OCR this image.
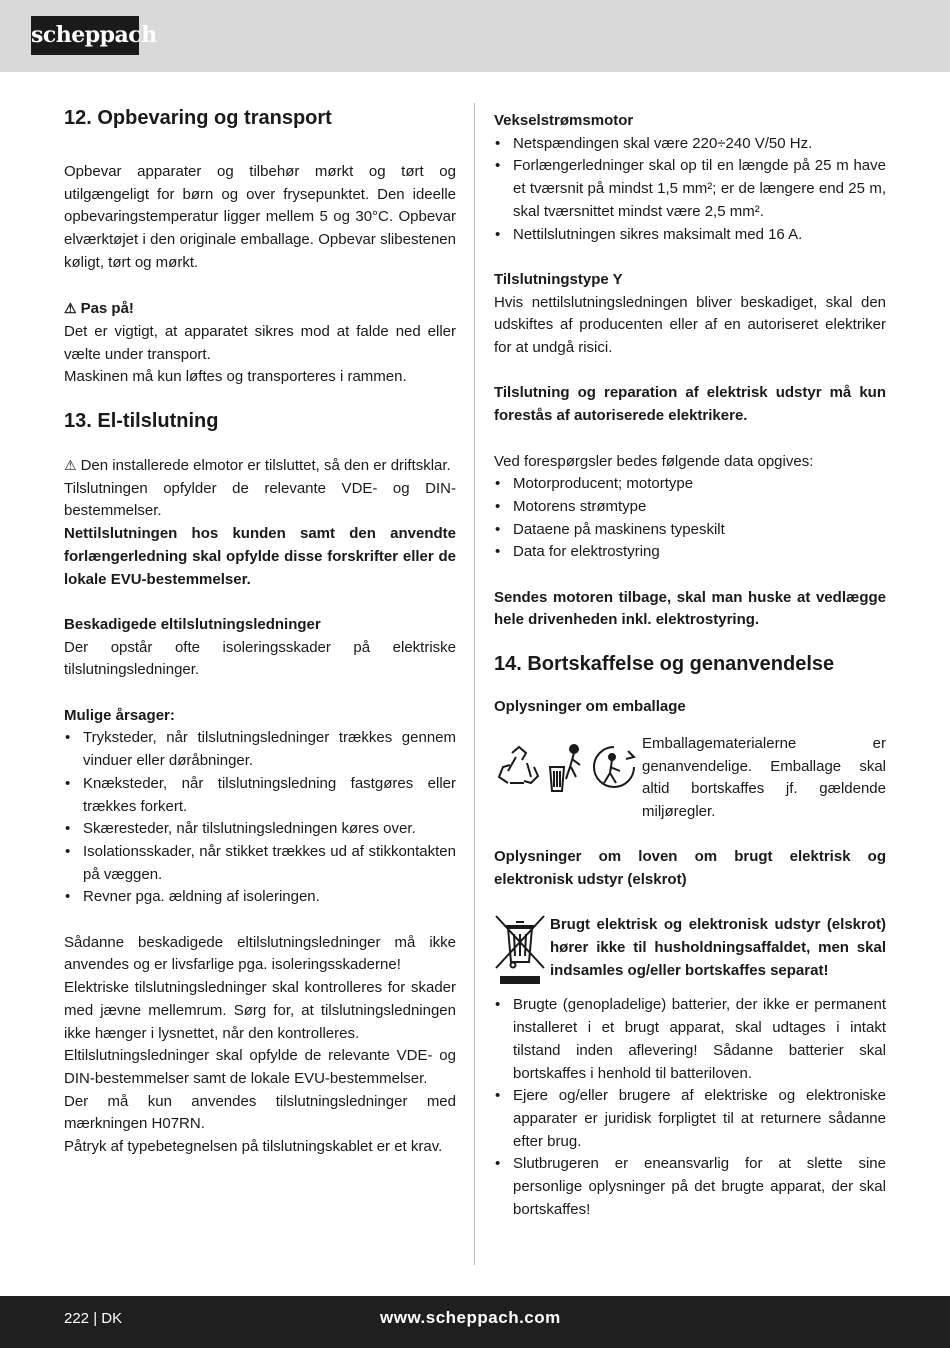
scheppach
12. Opbevaring og transport

Opbevar apparater og tilbehør mørkt og tørt og utilgængeligt for børn og over frysepunktet. Den ideelle opbevaringstemperatur ligger mellem 5 og 30°C. Opbevar elværktøjet i den originale emballage. Opbevar slibestenen køligt, tørt og mørkt.

⚠ Pas på!

Det er vigtigt, at apparatet sikres mod at falde ned eller vælte under transport.

Maskinen må kun løftes og transporteres i rammen.

13. El-tilslutning

⚠ Den installerede elmotor er tilsluttet, så den er driftsklar.

Tilslutningen opfylder de relevante VDE- og DIN-bestemmelser.

Nettilslutningen hos kunden samt den anvendte forlængerledning skal opfylde disse forskrifter eller de lokale EVU-bestemmelser.

Beskadigede eltilslutningsledninger

Der opstår ofte isoleringsskader på elektriske tilslutningsledninger.

Mulige årsager:

• Tryksteder, når tilslutningsledninger trækkes gennem vinduer eller døråbninger.
• Knæksteder, når tilslutningsledning fastgøres eller trækkes forkert.
• Skæresteder, når tilslutningsledningen køres over.
• Isolationsskader, når stikket trækkes ud af stikkontakten på væggen.
• Revner pga. ældning af isoleringen.

Sådanne beskadigede eltilslutningsledninger må ikke anvendes og er livsfarlige pga. isoleringsskaderne!

Elektriske tilslutningsledninger skal kontrolleres for skader med jævne mellemrum. Sørg for, at tilslutningsledningen ikke hænger i lysnettet, når den kontrolleres.

Eltilslutningsledninger skal opfylde de relevante VDE- og DIN-bestemmelser samt de lokale EVU-bestemmelser.

Der må kun anvendes tilslutningsledninger med mærkningen H07RN.

Påtryk af typebetegnelsen på tilslutningskablet er et krav.

Vekselstrømsmotor

• Netspændingen skal være 220÷240 V/50 Hz.
• Forlængerledninger skal op til en længde på 25 m have et tværsnit på mindst 1,5 mm²; er de længere end 25 m, skal tværsnittet mindst være 2,5 mm².
• Nettilslutningen sikres maksimalt med 16 A.

Tilslutningstype Y

Hvis nettilslutningsledningen bliver beskadiget, skal den udskiftes af producenten eller af en autoriseret elektriker for at undgå risici.

Tilslutning og reparation af elektrisk udstyr må kun forestås af autoriserede elektrikere.

Ved forespørgsler bedes følgende data opgives:

• Motorproducent; motortype
• Motorens strømtype
• Dataene på maskinens typeskilt
• Data for elektrostyring

Sendes motoren tilbage, skal man huske at vedlægge hele drivenheden inkl. elektrostyring.

14. Bortskaffelse og genanvendelse

Oplysninger om emballage

Emballagematerialerne er genanvendelige. Emballage skal altid bortskaffes jf. gældende miljøregler.

Oplysninger om loven om brugt elektrisk og elektronisk udstyr (elskrot)

Brugt elektrisk og elektronisk udstyr (elskrot) hører ikke til husholdningsaffaldet, men skal indsamles og/eller bortskaffes separat!

• Brugte (genopladelige) batterier, der ikke er permanent installeret i et brugt apparat, skal udtages i intakt tilstand inden aflevering! Sådanne batterier skal bortskaffes i henhold til batteriloven.
• Ejere og/eller brugere af elektriske og elektroniske apparater er juridisk forpligtet til at returnere sådanne efter brug.
• Slutbrugeren er eneansvarlig for at slette sine personlige oplysninger på det brugte apparat, der skal bortskaffes!
222 | DK	www.scheppach.com
